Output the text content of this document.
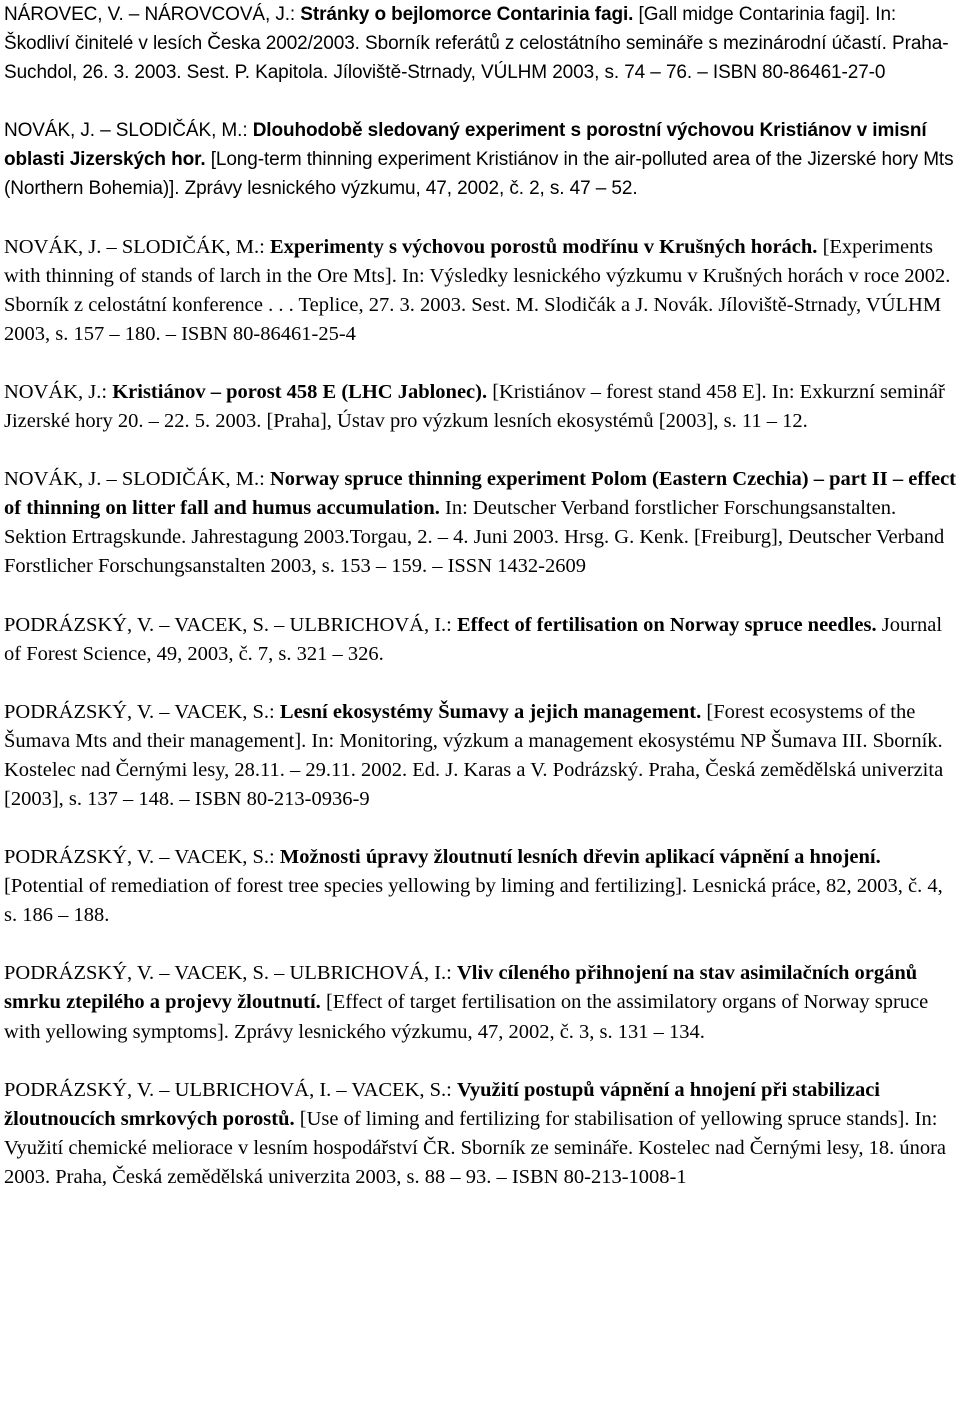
NÁROVEC, V. – NÁROVCOVÁ, J.: Stránky o bejlomorce Contarinia fagi. [Gall midge Contarinia fagi]. In: Škodliví činitelé v lesích Česka 2002/2003. Sborník referátů z celostátního semináře s mezinárodní účastí. Praha-Suchdol, 26. 3. 2003. Sest. P. Kapitola. Jíloviště-Strnady, VÚLHM 2003, s. 74 – 76. – ISBN 80-86461-27-0

NOVÁK, J. – SLODIČÁK, M.: Dlouhodobě sledovaný experiment s porostní výchovou Kristiánov v imisní oblasti Jizerských hor. [Long-term thinning experiment Kristiánov in the air-polluted area of the Jizerské hory Mts (Northern Bohemia)]. Zprávy lesnického výzkumu, 47, 2002, č. 2, s. 47 – 52.

NOVÁK, J. – SLODIČÁK, M.: Experimenty s výchovou porostů modřínu v Krušných horách. [Experiments with thinning of stands of larch in the Ore Mts]. In: Výsledky lesnického výzkumu v Krušných horách v roce 2002. Sborník z celostátní konference . . . Teplice, 27. 3. 2003. Sest. M. Slodičák a J. Novák. Jíloviště-Strnady, VÚLHM 2003, s. 157 – 180. – ISBN 80-86461-25-4

NOVÁK, J.: Kristiánov – porost 458 E (LHC Jablonec). [Kristiánov – forest stand 458 E]. In: Exkurzní seminář Jizerské hory 20. – 22. 5. 2003. [Praha], Ústav pro výzkum lesních ekosystémů [2003], s. 11 – 12.

NOVÁK, J. – SLODIČÁK, M.: Norway spruce thinning experiment Polom (Eastern Czechia) – part II – effect of thinning on litter fall and humus accumulation. In: Deutscher Verband forstlicher Forschungsanstalten. Sektion Ertragskunde. Jahrestagung 2003.Torgau, 2. – 4. Juni 2003. Hrsg. G. Kenk. [Freiburg], Deutscher Verband Forstlicher Forschungsanstalten 2003, s. 153 – 159. – ISSN 1432-2609

PODRÁZSKÝ, V. – VACEK, S. – ULBRICHOVÁ, I.: Effect of fertilisation on Norway spruce needles. Journal of Forest Science, 49, 2003, č. 7, s. 321 – 326.

PODRÁZSKÝ, V. – VACEK, S.: Lesní ekosystémy Šumavy a jejich management. [Forest ecosystems of the Šumava Mts and their management]. In: Monitoring, výzkum a management ekosystému NP Šumava III. Sborník. Kostelec nad Černými lesy, 28.11. – 29.11. 2002. Ed. J. Karas a V. Podrázský. Praha, Česká zemědělská univerzita [2003], s. 137 – 148. – ISBN 80-213-0936-9

PODRÁZSKÝ, V. – VACEK, S.: Možnosti úpravy žloutnutí lesních dřevin aplikací vápnění a hnojení. [Potential of remediation of forest tree species yellowing by liming and fertilizing]. Lesnická práce, 82, 2003, č. 4, s. 186 – 188.

PODRÁZSKÝ, V. – VACEK, S. – ULBRICHOVÁ, I.: Vliv cíleného přihnojení na stav asimilačních orgánů smrku ztepilého a projevy žloutnutí. [Effect of target fertilisation on the assimilatory organs of Norway spruce with yellowing symptoms]. Zprávy lesnického výzkumu, 47, 2002, č. 3, s. 131 – 134.

PODRÁZSKÝ, V. – ULBRICHOVÁ, I. – VACEK, S.: Využití postupů vápnění a hnojení při stabilizaci žloutnoucích smrkových porostů. [Use of liming and fertilizing for stabilisation of yellowing spruce stands]. In: Využití chemické meliorace v lesním hospodářství ČR. Sborník ze semináře. Kostelec nad Černými lesy, 18. února 2003. Praha, Česká zemědělská univerzita 2003, s. 88 – 93. – ISBN 80-213-1008-1
